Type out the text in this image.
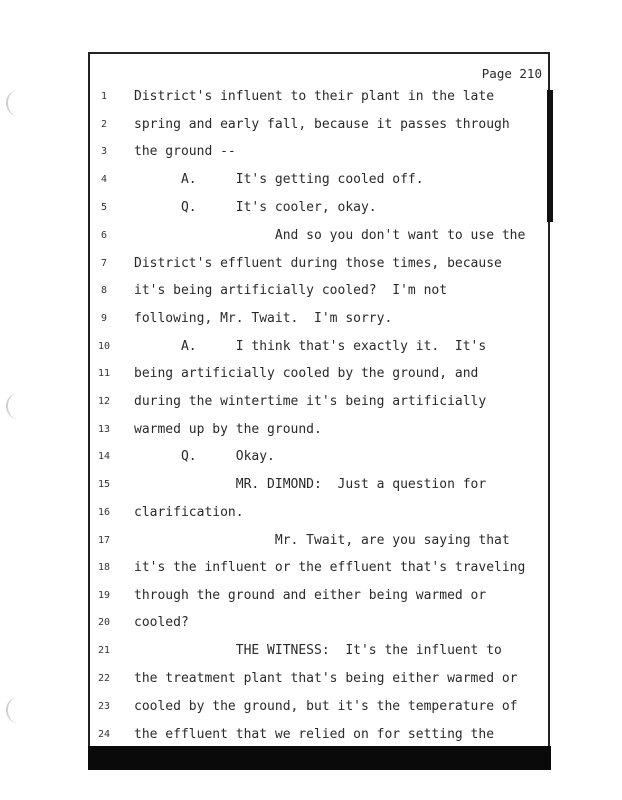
Page 210
1	District's influent to their plant in the late
2	spring and early fall, because it passes through
3	the ground --
4	A.     It's getting cooled off.
5	Q.     It's cooler, okay.
6	And so you don't want to use the
7	District's effluent during those times, because
8	it's being artificially cooled?  I'm not
9	following, Mr. Twait.  I'm sorry.
10 A.     I think that's exactly it.  It's
11 being artificially cooled by the ground, and
12 during the wintertime it's being artificially
13 warmed up by the ground.
14 Q.     Okay.
15 MR. DIMOND:  Just a question for
16 clarification.
17 Mr. Twait, are you saying that
18 it's the influent or the effluent that's traveling
19 through the ground and either being warmed or
20 cooled?
21 THE WITNESS:  It's the influent to
22 the treatment plant that's being either warmed or
23 cooled by the ground, but it's the temperature of
24 the effluent that we relied on for setting the
